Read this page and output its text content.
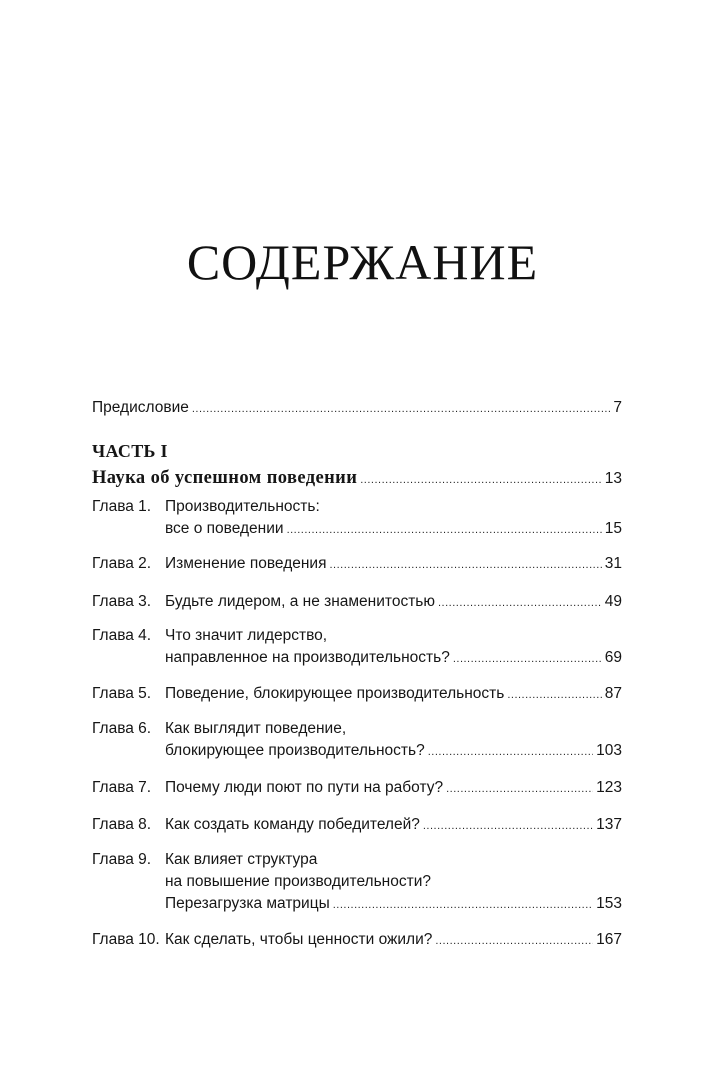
СОДЕРЖАНИЕ
Предисловие .....	7
ЧАСТЬ I
Наука об успешном поведении .....	13
Глава 1. Производительность:
все о поведении .....	15
Глава 2. Изменение поведения .....	31
Глава 3. Будьте лидером, а не знаменитостью .....	49
Глава 4. Что значит лидерство,
направленное на производительность? .....	69
Глава 5. Поведение, блокирующее производительность .....	87
Глава 6. Как выглядит поведение,
блокирующее производительность? .....	103
Глава 7. Почему люди поют по пути на работу? .....	123
Глава 8. Как создать команду победителей? .....	137
Глава 9. Как влияет структура
на повышение производительности?
Перезагрузка матрицы .....	153
Глава 10. Как сделать, чтобы ценности ожили? .....	167
